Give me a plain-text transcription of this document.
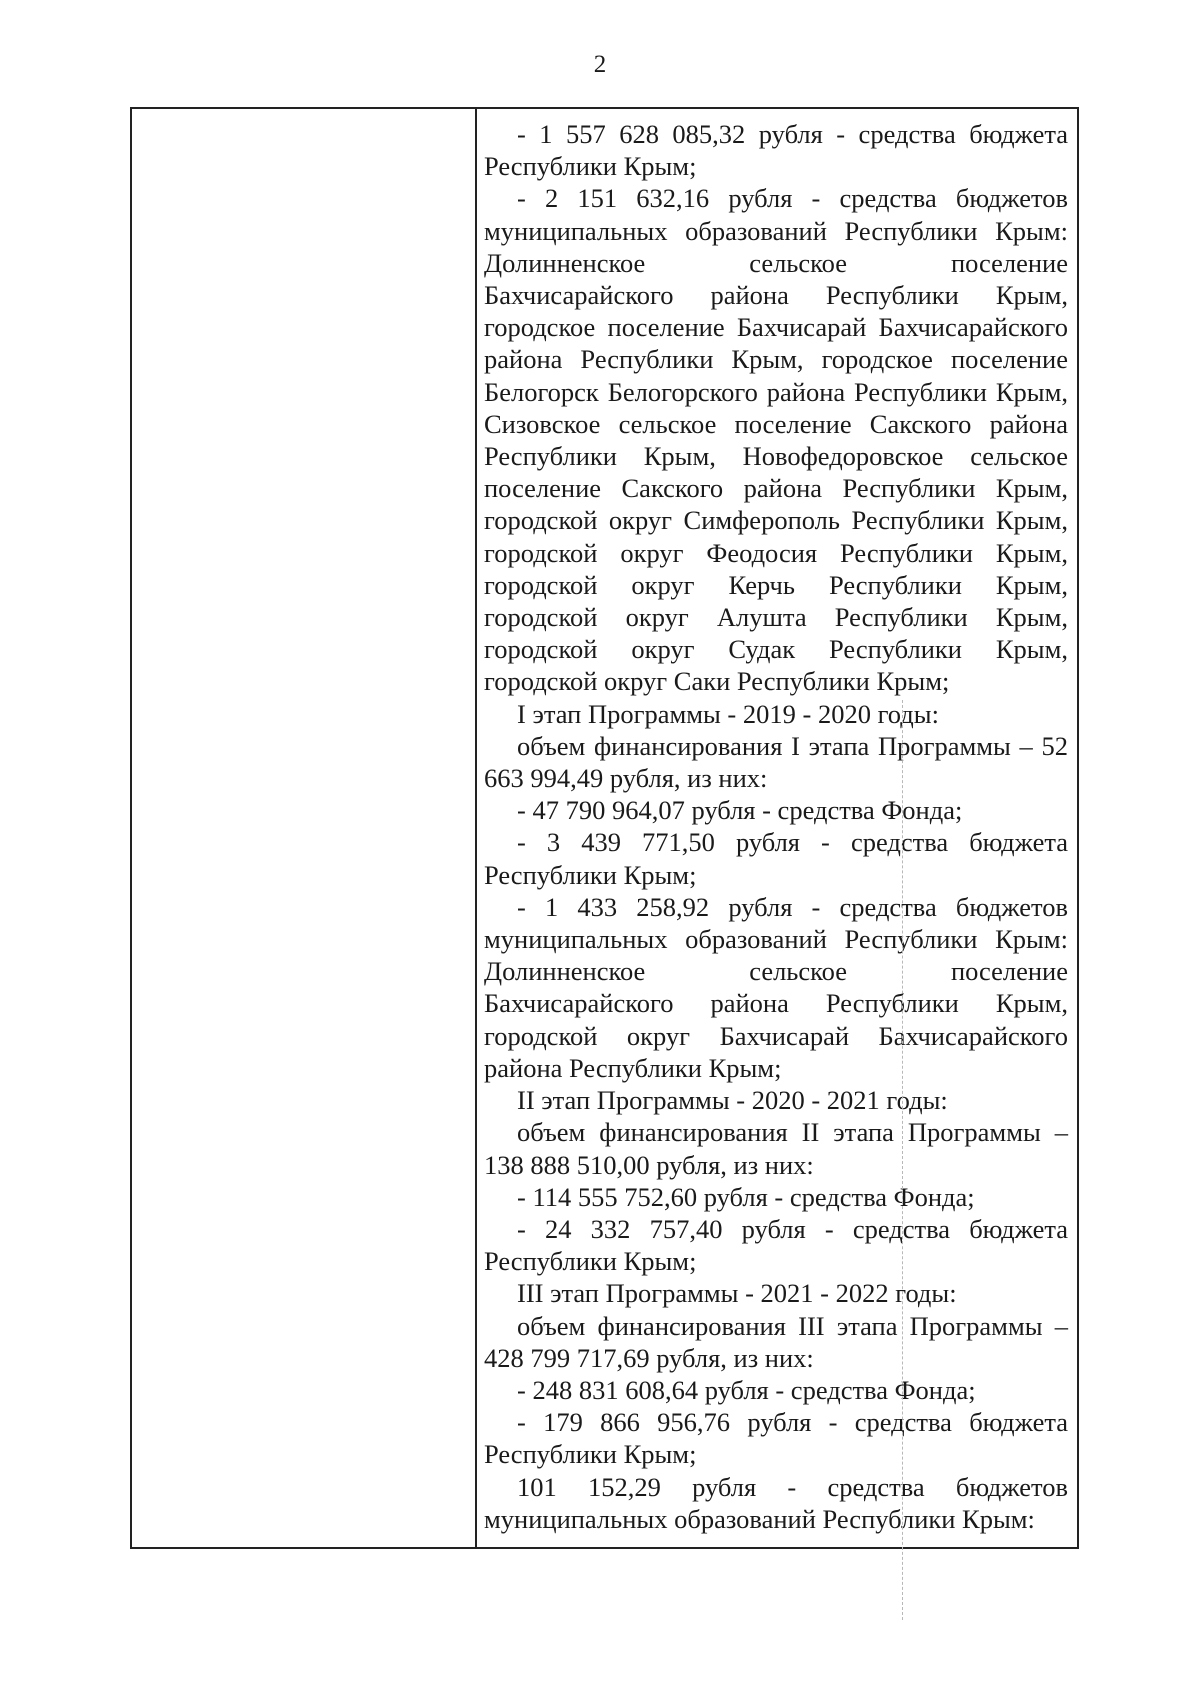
2

- 1 557 628 085,32 рубля - средства бюджета Республики Крым;

- 2 151 632,16 рубля - средства бюджетов муниципальных образований Республики Крым: Долинненское сельское поселение Бахчисарайского района Республики Крым, городское поселение Бахчисарай Бахчисарайского района Республики Крым, городское поселение Белогорск Белогорского района Республики Крым, Сизовское сельское поселение Сакского района Республики Крым, Новофедоровское сельское поселение Сакского района Республики Крым, городской округ Симферополь Республики Крым, городской округ Феодосия Республики Крым, городской округ Керчь Республики Крым, городской округ Алушта Республики Крым, городской округ Судак Республики Крым, городской округ Саки Республики Крым;

I этап Программы - 2019 - 2020 годы:

объем финансирования I этапа Программы – 52 663 994,49 рубля, из них:

- 47 790 964,07 рубля - средства Фонда;

- 3 439 771,50 рубля - средства бюджета Республики Крым;

- 1 433 258,92 рубля - средства бюджетов муниципальных образований Республики Крым: Долинненское сельское поселение Бахчисарайского района Республики Крым, городской округ Бахчисарай Бахчисарайского района Республики Крым;

II этап Программы - 2020 - 2021 годы:

объем финансирования II этапа Программы – 138 888 510,00 рубля, из них:

- 114 555 752,60 рубля - средства Фонда;

- 24 332 757,40 рубля - средства бюджета Республики Крым;

III этап Программы - 2021 - 2022 годы:

объем финансирования III этапа Программы – 428 799 717,69 рубля, из них:

- 248 831 608,64 рубля - средства Фонда;

- 179 866 956,76 рубля - средства бюджета Республики Крым;

101 152,29 рубля - средства бюджетов муниципальных образований Республики Крым:
